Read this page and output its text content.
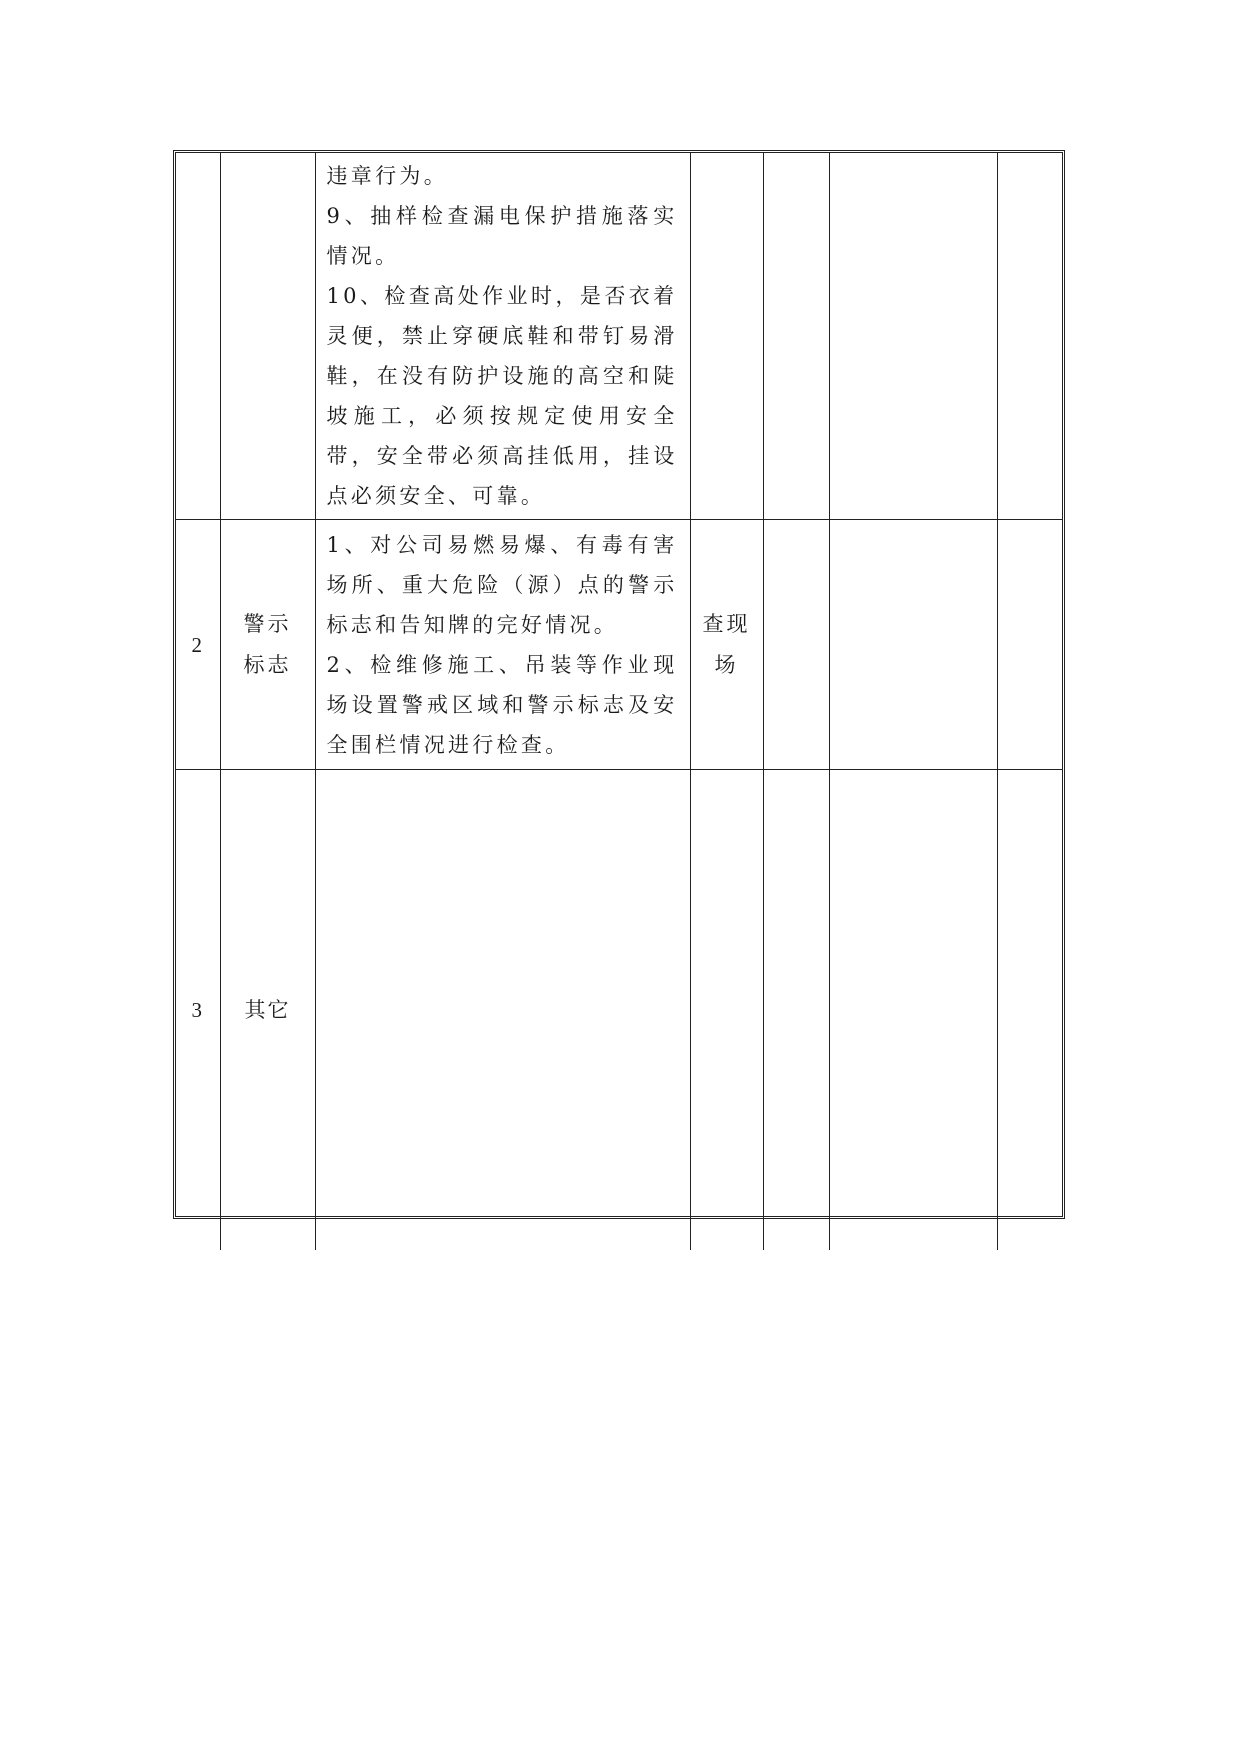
		违章行为。
9、抽样检查漏电保护措施落实情况。
10、检查高处作业时，是否衣着灵便，禁止穿硬底鞋和带钉易滑鞋，在没有防护设施的高空和陡坡施工，必须按规定使用安全带，安全带必须高挂低用，挂设点必须安全、可靠。				

2	警示标志	1、对公司易燃易爆、有毒有害场所、重大危险（源）点的警示标志和告知牌的完好情况。
2、检维修施工、吊装等作业现场设置警戒区域和警示标志及安全围栏情况进行检查。	查现场			
3	其它					
